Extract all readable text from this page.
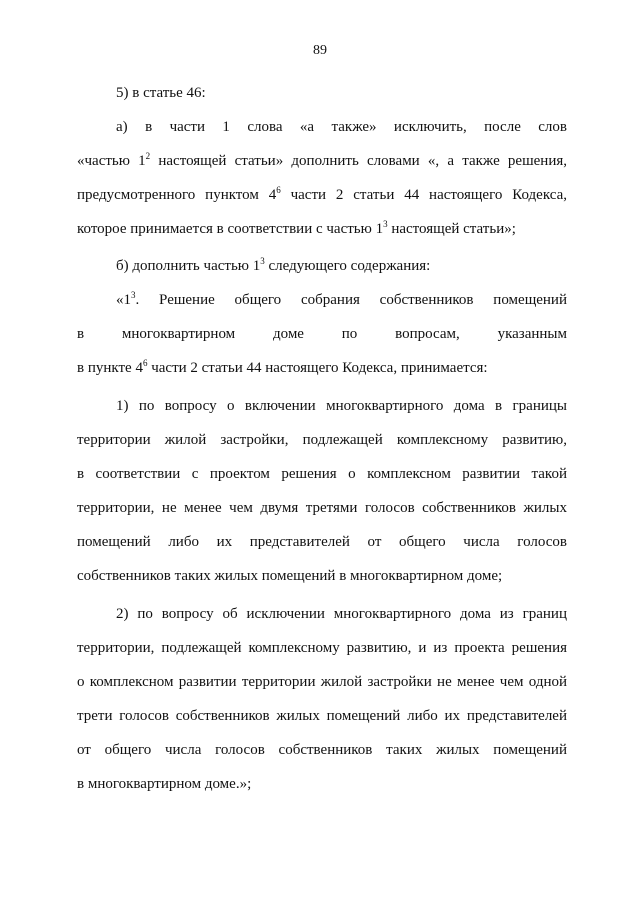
89
5) в статье 46:
а)  в  части  1  слова  «а  также»  исключить,  после  слов
«частью $1^2$ настоящей статьи» дополнить словами «, а также решения,
предусмотренного пунктом $4^6$ части 2 статьи 44 настоящего Кодекса,
которое принимается в соответствии с частью $1^3$ настоящей статьи»;
б) дополнить частью $1^3$ следующего содержания:
«$1^3$.   Решение   общего   собрания   собственников   помещений
в многоквартирном доме по вопросам, указанным
в пункте $4^6$ части 2 статьи 44 настоящего Кодекса, принимается:
1) по вопросу о включении многоквартирного дома в границы
территории жилой застройки, подлежащей комплексному развитию,
в соответствии с проектом решения о комплексном развитии такой
территории, не менее чем двумя третями голосов собственников жилых
помещений либо их представителей от общего числа голосов
собственников таких жилых помещений в многоквартирном доме;
2) по вопросу об исключении многоквартирного дома из границ
территории, подлежащей комплексному развитию, и из проекта решения
о комплексном развитии территории жилой застройки не менее чем одной
трети голосов собственников жилых помещений либо их представителей
от общего числа голосов собственников таких жилых помещений
в многоквартирном доме.»;
